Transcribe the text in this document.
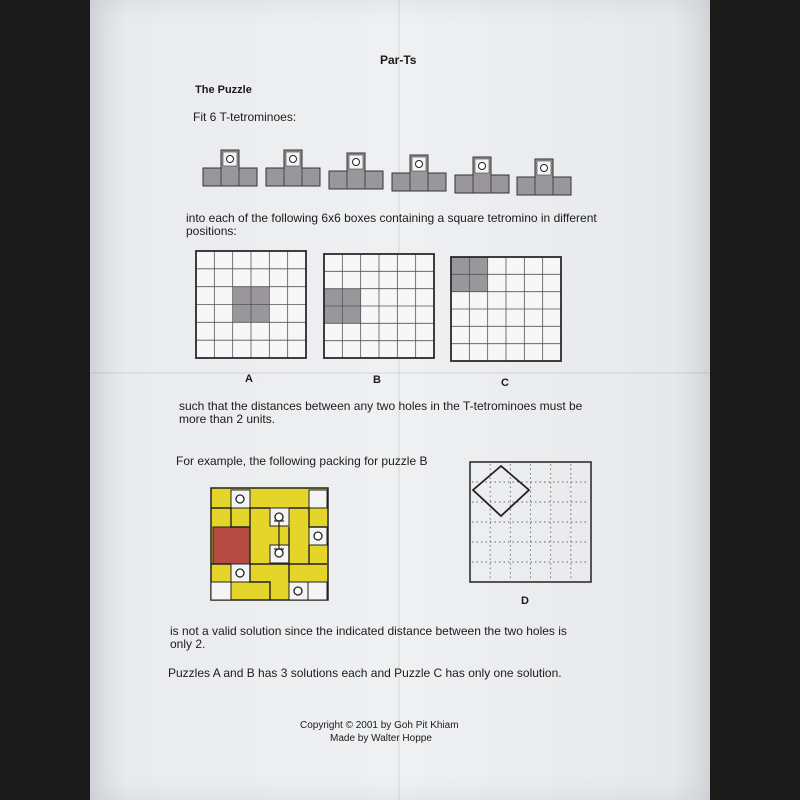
Par-Ts
The Puzzle
Fit 6 T-tetrominoes:
into each of the following 6x6 boxes containing a square tetromino in different
positions:
A	B	C
such that the distances between any two holes in the T-tetrominoes must be
more than 2 units.
For example, the following packing for puzzle B
D
is not a valid solution since the indicated distance between the two holes is
only 2.
Puzzles A and B has 3 solutions each and Puzzle C has only one solution.
Copyright © 2001 by Goh Pit Khiam
Made by Walter Hoppe
